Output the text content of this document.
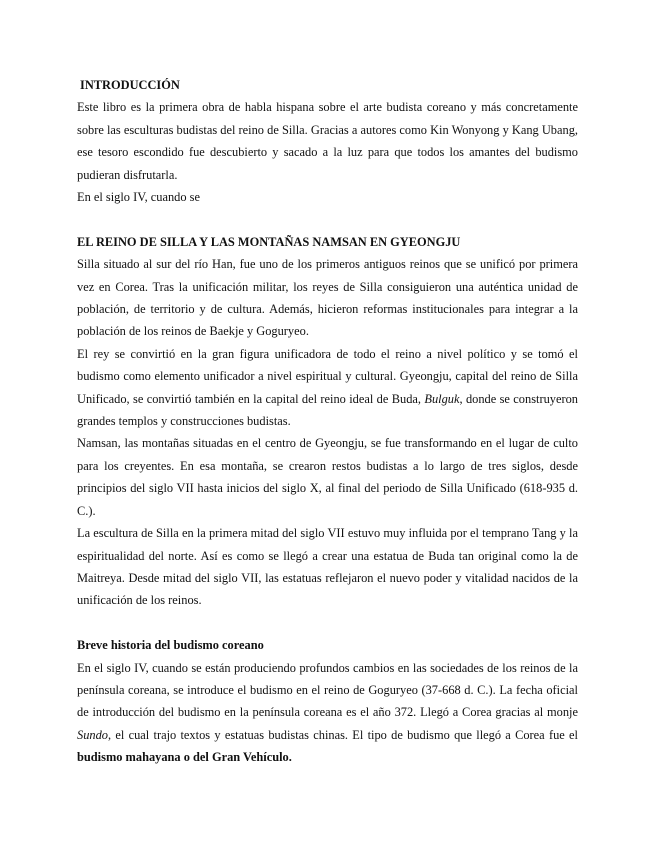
INTRODUCCIÓN

Este libro es la primera obra de habla hispana sobre el arte budista coreano y más concretamente sobre las esculturas budistas del reino de Silla. Gracias a autores como Kin Wonyong y Kang Ubang, ese tesoro escondido fue descubierto y sacado a la luz para que todos los amantes del budismo pudieran disfrutarla.

En el siglo IV, cuando se

EL REINO DE SILLA Y LAS MONTAÑAS NAMSAN EN GYEONGJU

Silla situado al sur del río Han, fue uno de los primeros antiguos reinos que se unificó por primera vez en Corea. Tras la unificación militar, los reyes de Silla consiguieron una auténtica unidad de población, de territorio y de cultura. Además, hicieron reformas institucionales para integrar a la población de los reinos de Baekje y Goguryeo.

El rey se convirtió en la gran figura unificadora de todo el reino a nivel político y se tomó el budismo como elemento unificador a nivel espiritual y cultural. Gyeongju, capital del reino de Silla Unificado, se convirtió también en la capital del reino ideal de Buda, Bulguk, donde se construyeron grandes templos y construcciones budistas.

Namsan, las montañas situadas en el centro de Gyeongju, se fue transformando en el lugar de culto para los creyentes. En esa montaña, se crearon restos budistas a lo largo de tres siglos, desde principios del siglo VII hasta inicios del siglo X, al final del periodo de Silla Unificado (618-935 d. C.).

La escultura de Silla en la primera mitad del siglo VII estuvo muy influida por el temprano Tang y la espiritualidad del norte. Así es como se llegó a crear una estatua de Buda tan original como la de Maitreya. Desde mitad del siglo VII, las estatuas reflejaron el nuevo poder y vitalidad nacidos de la unificación de los reinos.

Breve historia del budismo coreano

En el siglo IV, cuando se están produciendo profundos cambios en las sociedades de los reinos de la península coreana, se introduce el budismo en el reino de Goguryeo (37-668 d. C.). La fecha oficial de introducción del budismo en la península coreana es el año 372. Llegó a Corea gracias al monje Sundo, el cual trajo textos y estatuas budistas chinas. El tipo de budismo que llegó a Corea fue el budismo mahayana o del Gran Vehículo.
